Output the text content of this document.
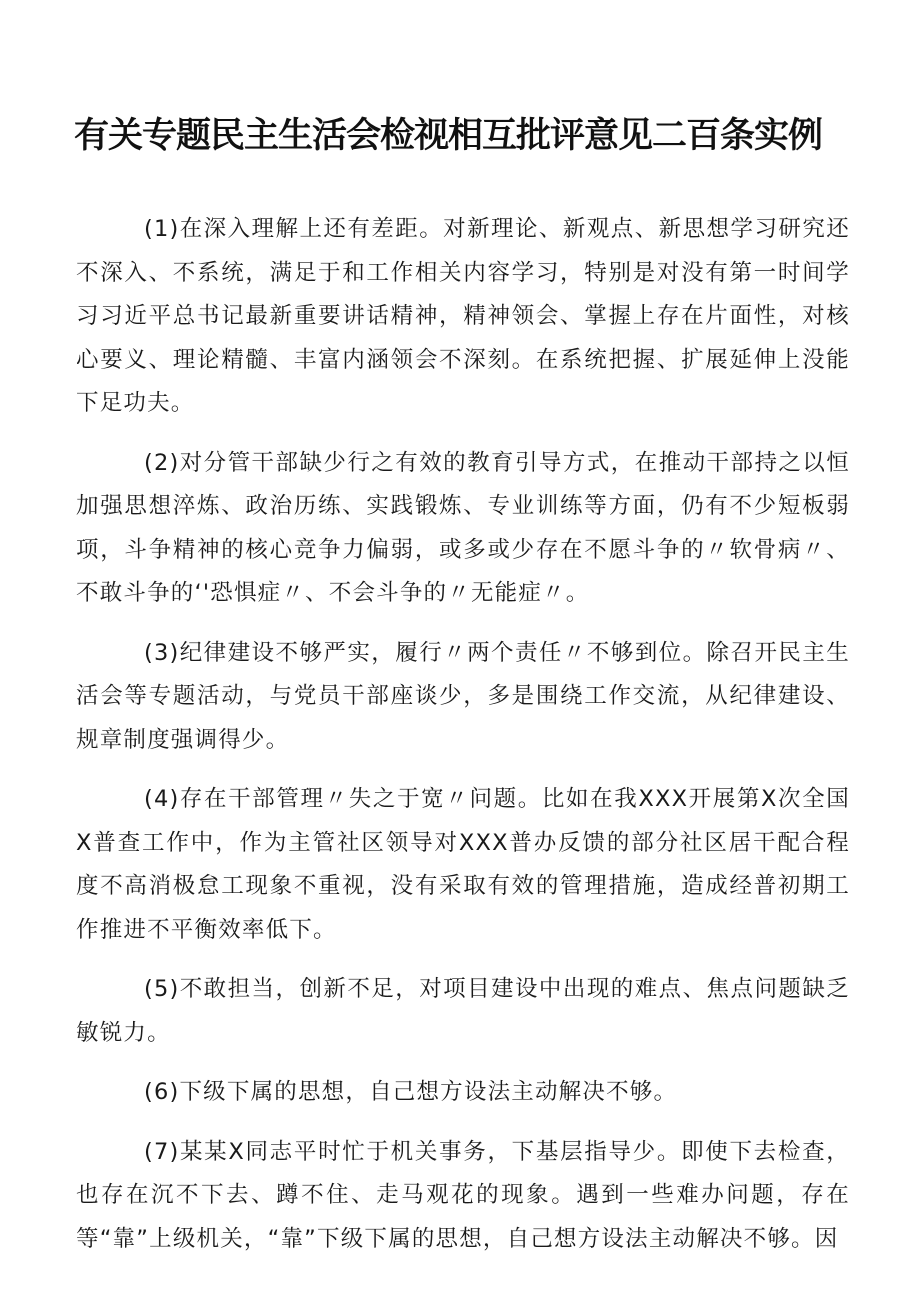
有关专题民主生活会检视相互批评意见二百条实例

(1)在深入理解上还有差距。对新理论、新观点、新思想学习研究还不深入、不系统，满足于和工作相关内容学习，特别是对没有第一时间学习习近平总书记最新重要讲话精神，精神领会、掌握上存在片面性，对核心要义、理论精髓、丰富内涵领会不深刻。在系统把握、扩展延伸上没能下足功夫。

(2)对分管干部缺少行之有效的教育引导方式，在推动干部持之以恒加强思想淬炼、政治历练、实践锻炼、专业训练等方面，仍有不少短板弱项，斗争精神的核心竞争力偏弱，或多或少存在不愿斗争的〃软骨病〃、不敢斗争的‘'恐惧症〃、不会斗争的〃无能症〃。

(3)纪律建设不够严实，履行〃两个责任〃不够到位。除召开民主生活会等专题活动，与党员干部座谈少，多是围绕工作交流，从纪律建设、规章制度强调得少。

(4)存在干部管理〃失之于宽〃问题。比如在我XXX开展第X次全国X普查工作中，作为主管社区领导对XXX普办反馈的部分社区居干配合程度不高消极怠工现象不重视，没有采取有效的管理措施，造成经普初期工作推进不平衡效率低下。

(5)不敢担当，创新不足，对项目建设中出现的难点、焦点问题缺乏敏锐力。

(6)下级下属的思想，自己想方设法主动解决不够。

(7)某某X同志平时忙于机关事务，下基层指导少。即使下去检查，也存在沉不下去、蹲不住、走马观花的现象。遇到一些难办问题，存在等“靠”上级机关，“靠”下级下属的思想，自己想方设法主动解决不够。因
